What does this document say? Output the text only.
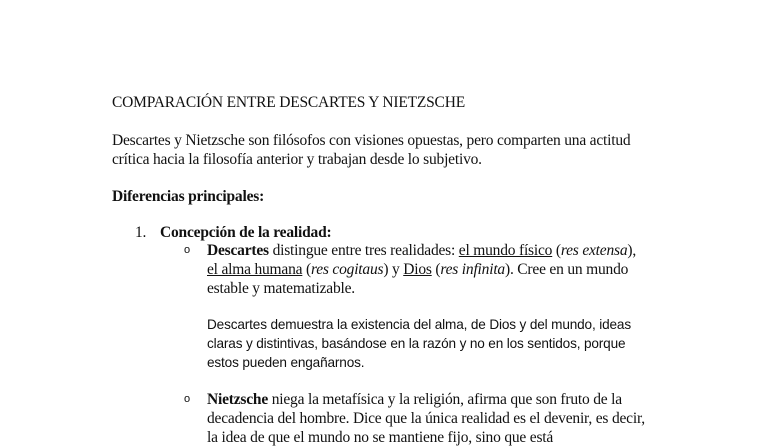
COMPARACIÓN ENTRE DESCARTES Y NIETZSCHE
Descartes y Nietzsche son filósofos con visiones opuestas, pero comparten una actitud
crítica hacia la filosofía anterior y trabajan desde lo subjetivo.
Diferencias principales:
1. Concepción de la realidad:
o Descartes distingue entre tres realidades: el mundo físico (res extensa),
el alma humana (res cogitaus) y Dios (res infinita). Cree en un mundo
estable y matematizable.
Descartes demuestra la existencia del alma, de Dios y del mundo, ideas
claras y distintivas, basándose en la razón y no en los sentidos, porque
estos pueden engañarnos.
o Nietzsche niega la metafísica y la religión, afirma que son fruto de la
decadencia del hombre. Dice que la única realidad es el devenir, es decir,
la idea de que el mundo no se mantiene fijo, sino que está
